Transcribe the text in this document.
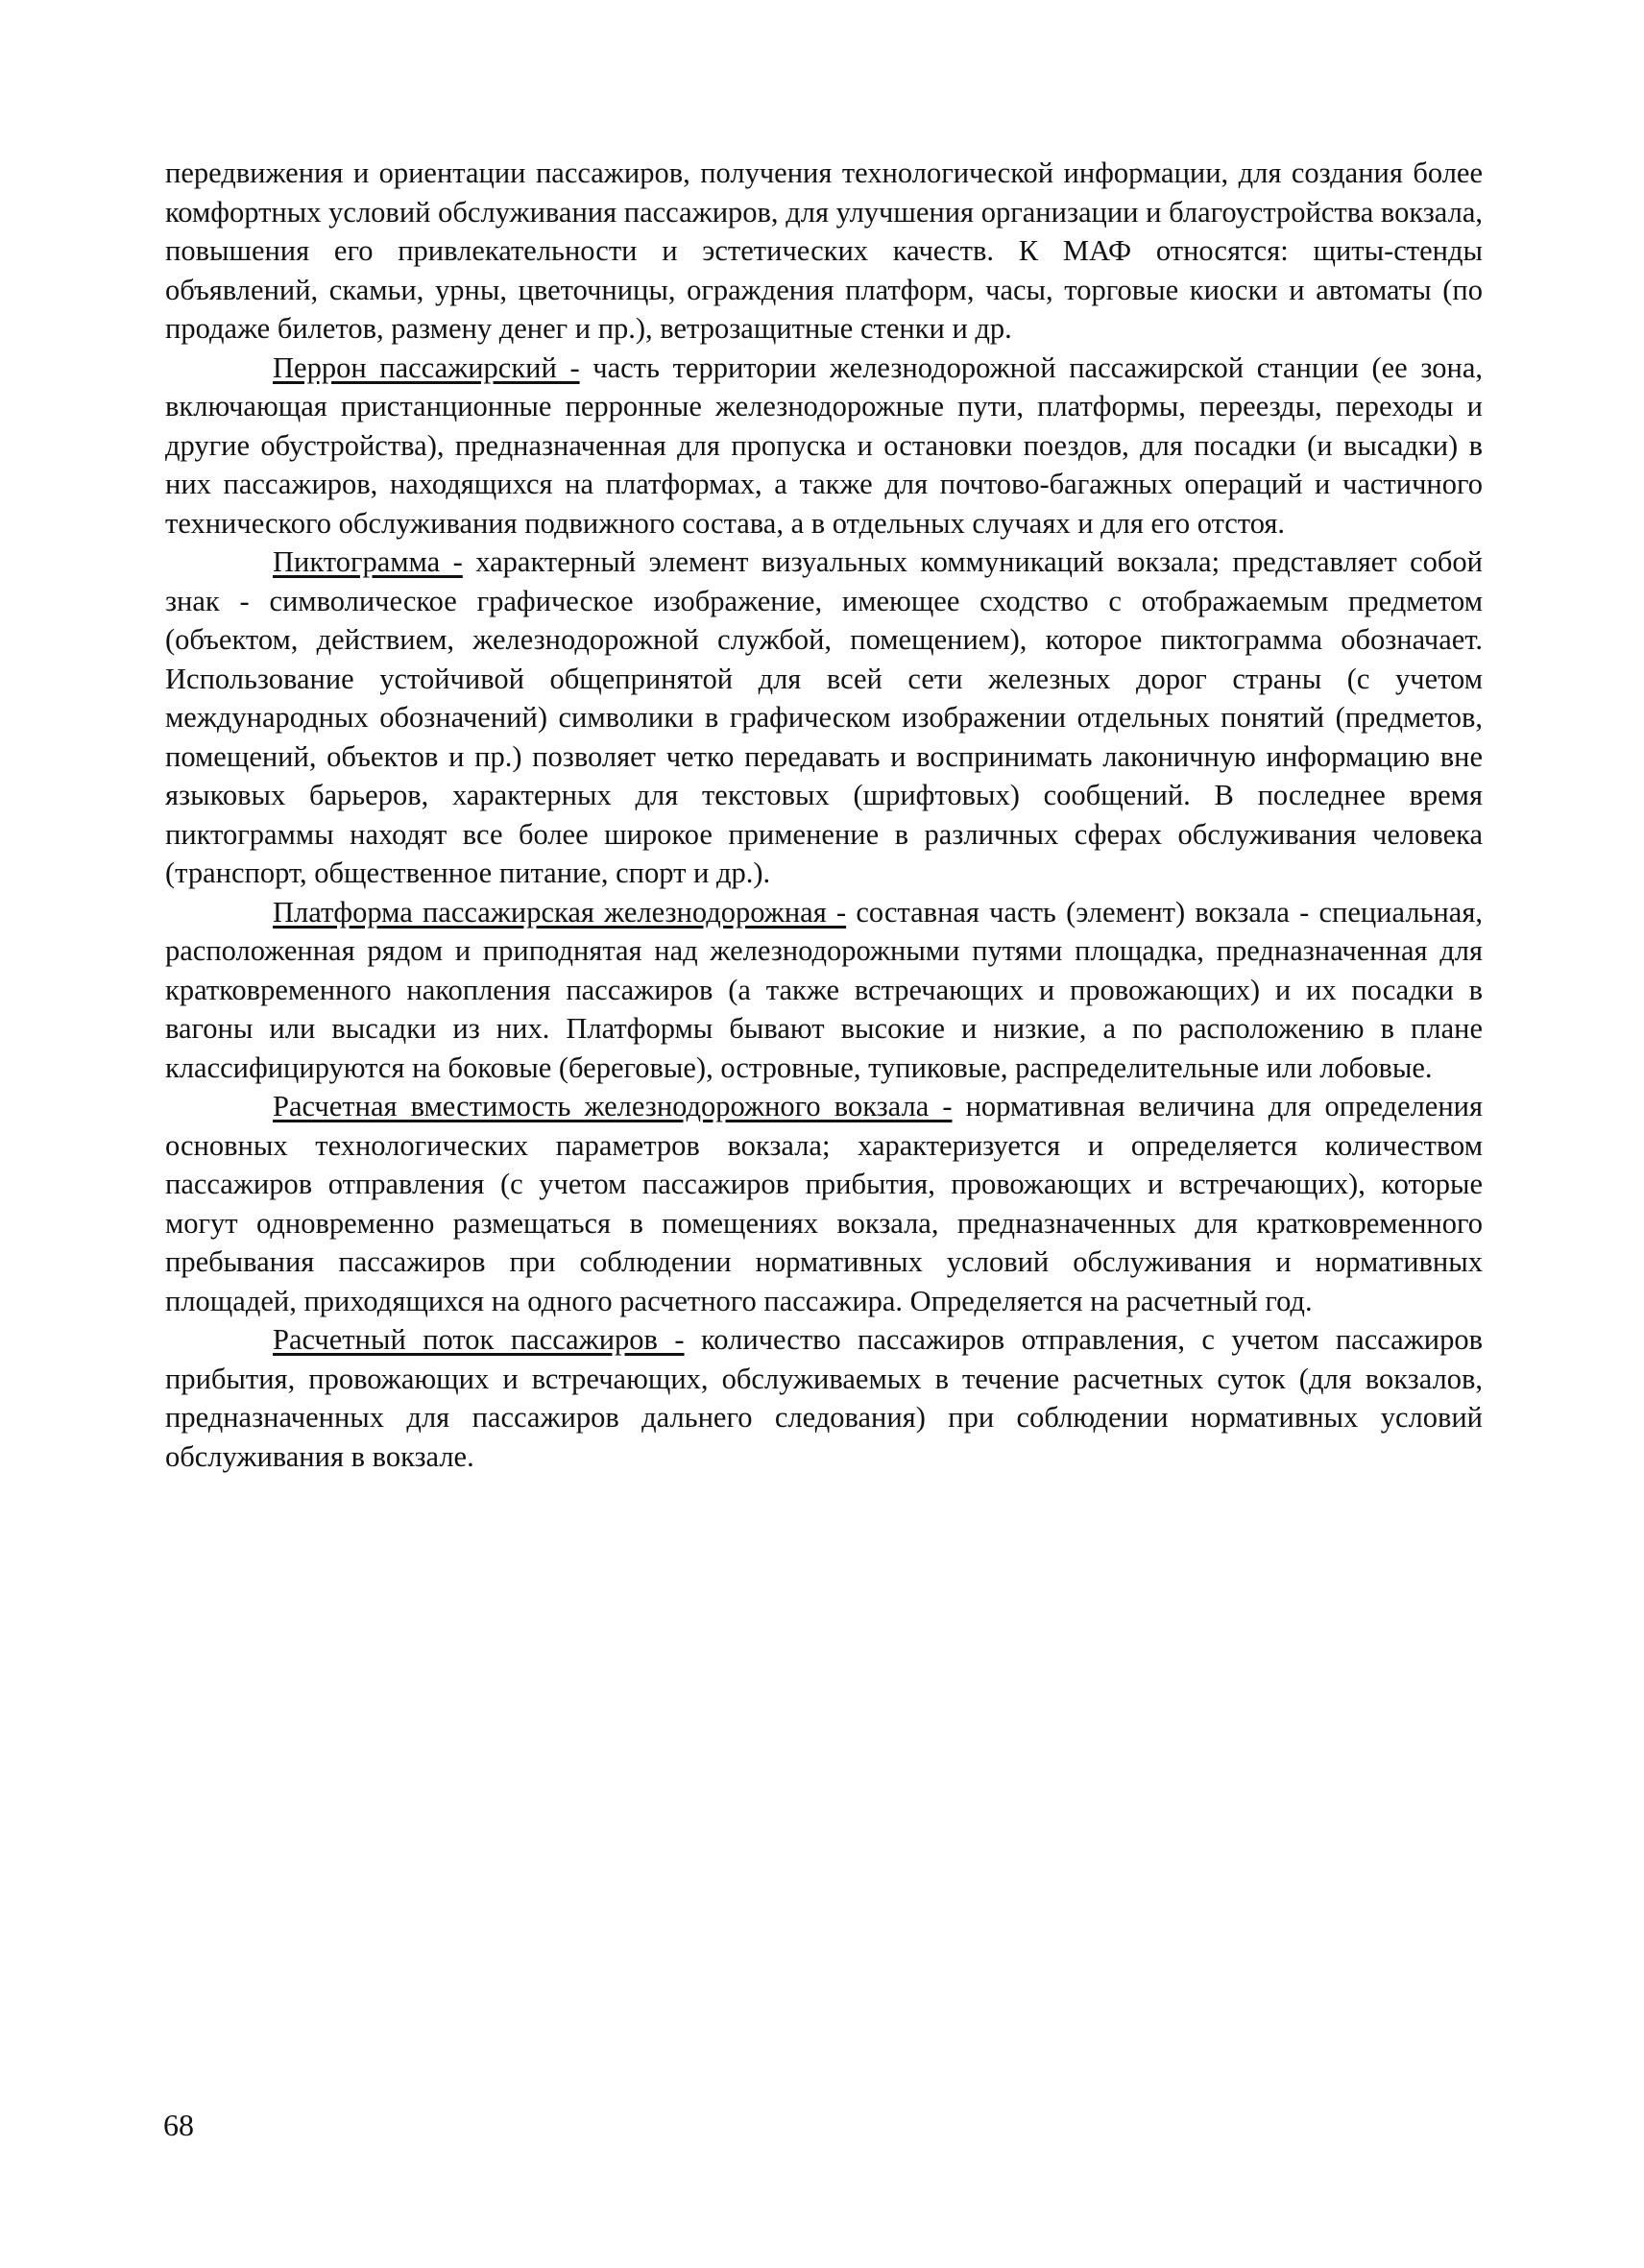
передвижения и ориентации пассажиров, получения технологической информации, для создания более комфортных условий обслуживания пассажиров, для улучшения организации и благоустройства вокзала, повышения его привлекательности и эстетических качеств. К МАФ относятся: щиты-стенды объявлений, скамьи, урны, цветочницы, ограждения платформ, часы, торговые киоски и автоматы (по продаже билетов, размену денег и пр.), ветрозащитные стенки и др.

Перрон пассажирский - часть территории железнодорожной пассажирской станции (ее зона, включающая пристанционные перронные железнодорожные пути, платформы, переезды, переходы и другие обустройства), предназначенная для пропуска и остановки поездов, для посадки (и высадки) в них пассажиров, находящихся на платформах, а также для почтово-багажных операций и частичного технического обслуживания подвижного состава, а в отдельных случаях и для его отстоя.

Пиктограмма - характерный элемент визуальных коммуникаций вокзала; представляет собой знак - символическое графическое изображение, имеющее сходство с отображаемым предметом (объектом, действием, железнодорожной службой, помещением), которое пиктограмма обозначает. Использование устойчивой общепринятой для всей сети железных дорог страны (с учетом международных обозначений) символики в графическом изображении отдельных понятий (предметов, помещений, объектов и пр.) позволяет четко передавать и воспринимать лаконичную информацию вне языковых барьеров, характерных для текстовых (шрифтовых) сообщений. В последнее время пиктограммы находят все более широкое применение в различных сферах обслуживания человека (транспорт, общественное питание, спорт и др.).

Платформа пассажирская железнодорожная - составная часть (элемент) вокзала - специальная, расположенная рядом и приподнятая над железнодорожными путями площадка, предназначенная для кратковременного накопления пассажиров (а также встречающих и провожающих) и их посадки в вагоны или высадки из них. Платформы бывают высокие и низкие, а по расположению в плане классифицируются на боковые (береговые), островные, тупиковые, распределительные или лобовые.

Расчетная вместимость железнодорожного вокзала - нормативная величина для определения основных технологических параметров вокзала; характеризуется и определяется количеством пассажиров отправления (с учетом пассажиров прибытия, провожающих и встречающих), которые могут одновременно размещаться в помещениях вокзала, предназначенных для кратковременного пребывания пассажиров при соблюдении нормативных условий обслуживания и нормативных площадей, приходящихся на одного расчетного пассажира. Определяется на расчетный год.

Расчетный поток пассажиров - количество пассажиров отправления, с учетом пассажиров прибытия, провожающих и встречающих, обслуживаемых в течение расчетных суток (для вокзалов, предназначенных для пассажиров дальнего следования) при соблюдении нормативных условий обслуживания в вокзале.

68
